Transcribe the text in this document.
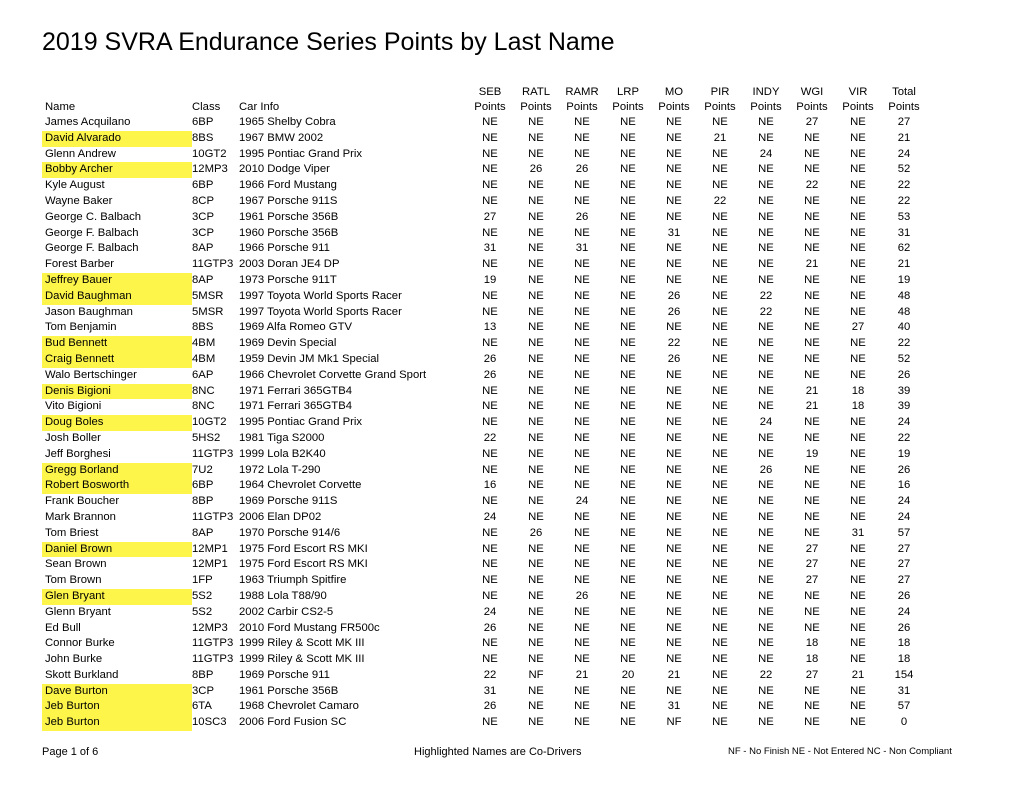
2019 SVRA Endurance Series Points by Last Name
			SEB	RATL	RAMR	LRP	MO	PIR	INDY	WGI	VIR	Total
Name	Class	Car Info	Points	Points	Points	Points	Points	Points	Points	Points	Points	Points
James Acquilano	6BP	1965 Shelby Cobra	NE	NE	NE	NE	NE	NE	NE	27	NE	27
David Alvarado	8BS	1967 BMW 2002	NE	NE	NE	NE	NE	21	NE	NE	NE	21
Glenn Andrew	10GT2	1995 Pontiac Grand Prix	NE	NE	NE	NE	NE	NE	24	NE	NE	24
Bobby Archer	12MP3	2010 Dodge Viper	NE	26	26	NE	NE	NE	NE	NE	NE	52
Kyle August	6BP	1966 Ford Mustang	NE	NE	NE	NE	NE	NE	NE	22	NE	22
Wayne Baker	8CP	1967 Porsche 911S	NE	NE	NE	NE	NE	22	NE	NE	NE	22
George C. Balbach	3CP	1961 Porsche 356B	27	NE	26	NE	NE	NE	NE	NE	NE	53
George F. Balbach	3CP	1960 Porsche 356B	NE	NE	NE	NE	31	NE	NE	NE	NE	31
George F. Balbach	8AP	1966 Porsche 911	31	NE	31	NE	NE	NE	NE	NE	NE	62
Forest Barber	11GTP3	2003 Doran JE4 DP	NE	NE	NE	NE	NE	NE	NE	21	NE	21
Jeffrey Bauer	8AP	1973 Porsche 911T	19	NE	NE	NE	NE	NE	NE	NE	NE	19
David Baughman	5MSR	1997 Toyota World Sports Racer	NE	NE	NE	NE	26	NE	22	NE	NE	48
Jason Baughman	5MSR	1997 Toyota World Sports Racer	NE	NE	NE	NE	26	NE	22	NE	NE	48
Tom Benjamin	8BS	1969 Alfa Romeo GTV	13	NE	NE	NE	NE	NE	NE	NE	27	40
Bud Bennett	4BM	1969 Devin Special	NE	NE	NE	NE	22	NE	NE	NE	NE	22
Craig Bennett	4BM	1959 Devin JM Mk1 Special	26	NE	NE	NE	26	NE	NE	NE	NE	52
Walo Bertschinger	6AP	1966 Chevrolet Corvette Grand Sport	26	NE	NE	NE	NE	NE	NE	NE	NE	26
Denis Bigioni	8NC	1971 Ferrari 365GTB4	NE	NE	NE	NE	NE	NE	NE	21	18	39
Vito Bigioni	8NC	1971 Ferrari 365GTB4	NE	NE	NE	NE	NE	NE	NE	21	18	39
Doug Boles	10GT2	1995 Pontiac Grand Prix	NE	NE	NE	NE	NE	NE	24	NE	NE	24
Josh Boller	5HS2	1981 Tiga S2000	22	NE	NE	NE	NE	NE	NE	NE	NE	22
Jeff Borghesi	11GTP3	1999 Lola B2K40	NE	NE	NE	NE	NE	NE	NE	19	NE	19
Gregg Borland	7U2	1972 Lola T-290	NE	NE	NE	NE	NE	NE	26	NE	NE	26
Robert Bosworth	6BP	1964 Chevrolet Corvette	16	NE	NE	NE	NE	NE	NE	NE	NE	16
Frank Boucher	8BP	1969 Porsche 911S	NE	NE	24	NE	NE	NE	NE	NE	NE	24
Mark Brannon	11GTP3	2006 Elan DP02	24	NE	NE	NE	NE	NE	NE	NE	NE	24
Tom Briest	8AP	1970 Porsche 914/6	NE	26	NE	NE	NE	NE	NE	NE	31	57
Daniel Brown	12MP1	1975 Ford Escort RS MKI	NE	NE	NE	NE	NE	NE	NE	27	NE	27
Sean Brown	12MP1	1975 Ford Escort RS MKI	NE	NE	NE	NE	NE	NE	NE	27	NE	27
Tom Brown	1FP	1963 Triumph Spitfire	NE	NE	NE	NE	NE	NE	NE	27	NE	27
Glen Bryant	5S2	1988 Lola T88/90	NE	NE	26	NE	NE	NE	NE	NE	NE	26
Glenn Bryant	5S2	2002 Carbir CS2-5	24	NE	NE	NE	NE	NE	NE	NE	NE	24
Ed Bull	12MP3	2010 Ford Mustang FR500c	26	NE	NE	NE	NE	NE	NE	NE	NE	26
Connor Burke	11GTP3	1999 Riley & Scott MK III	NE	NE	NE	NE	NE	NE	NE	18	NE	18
John Burke	11GTP3	1999 Riley & Scott MK III	NE	NE	NE	NE	NE	NE	NE	18	NE	18
Skott Burkland	8BP	1969 Porsche 911	22	NF	21	20	21	NE	22	27	21	154
Dave Burton	3CP	1961 Porsche 356B	31	NE	NE	NE	NE	NE	NE	NE	NE	31
Jeb Burton	6TA	1968 Chevrolet Camaro	26	NE	NE	NE	31	NE	NE	NE	NE	57
Jeb Burton	10SC3	2006 Ford Fusion SC	NE	NE	NE	NE	NF	NE	NE	NE	NE	0
Page 1 of 6	Highlighted Names are Co-Drivers	NF - No Finish NE - Not Entered NC - Non Compliant
